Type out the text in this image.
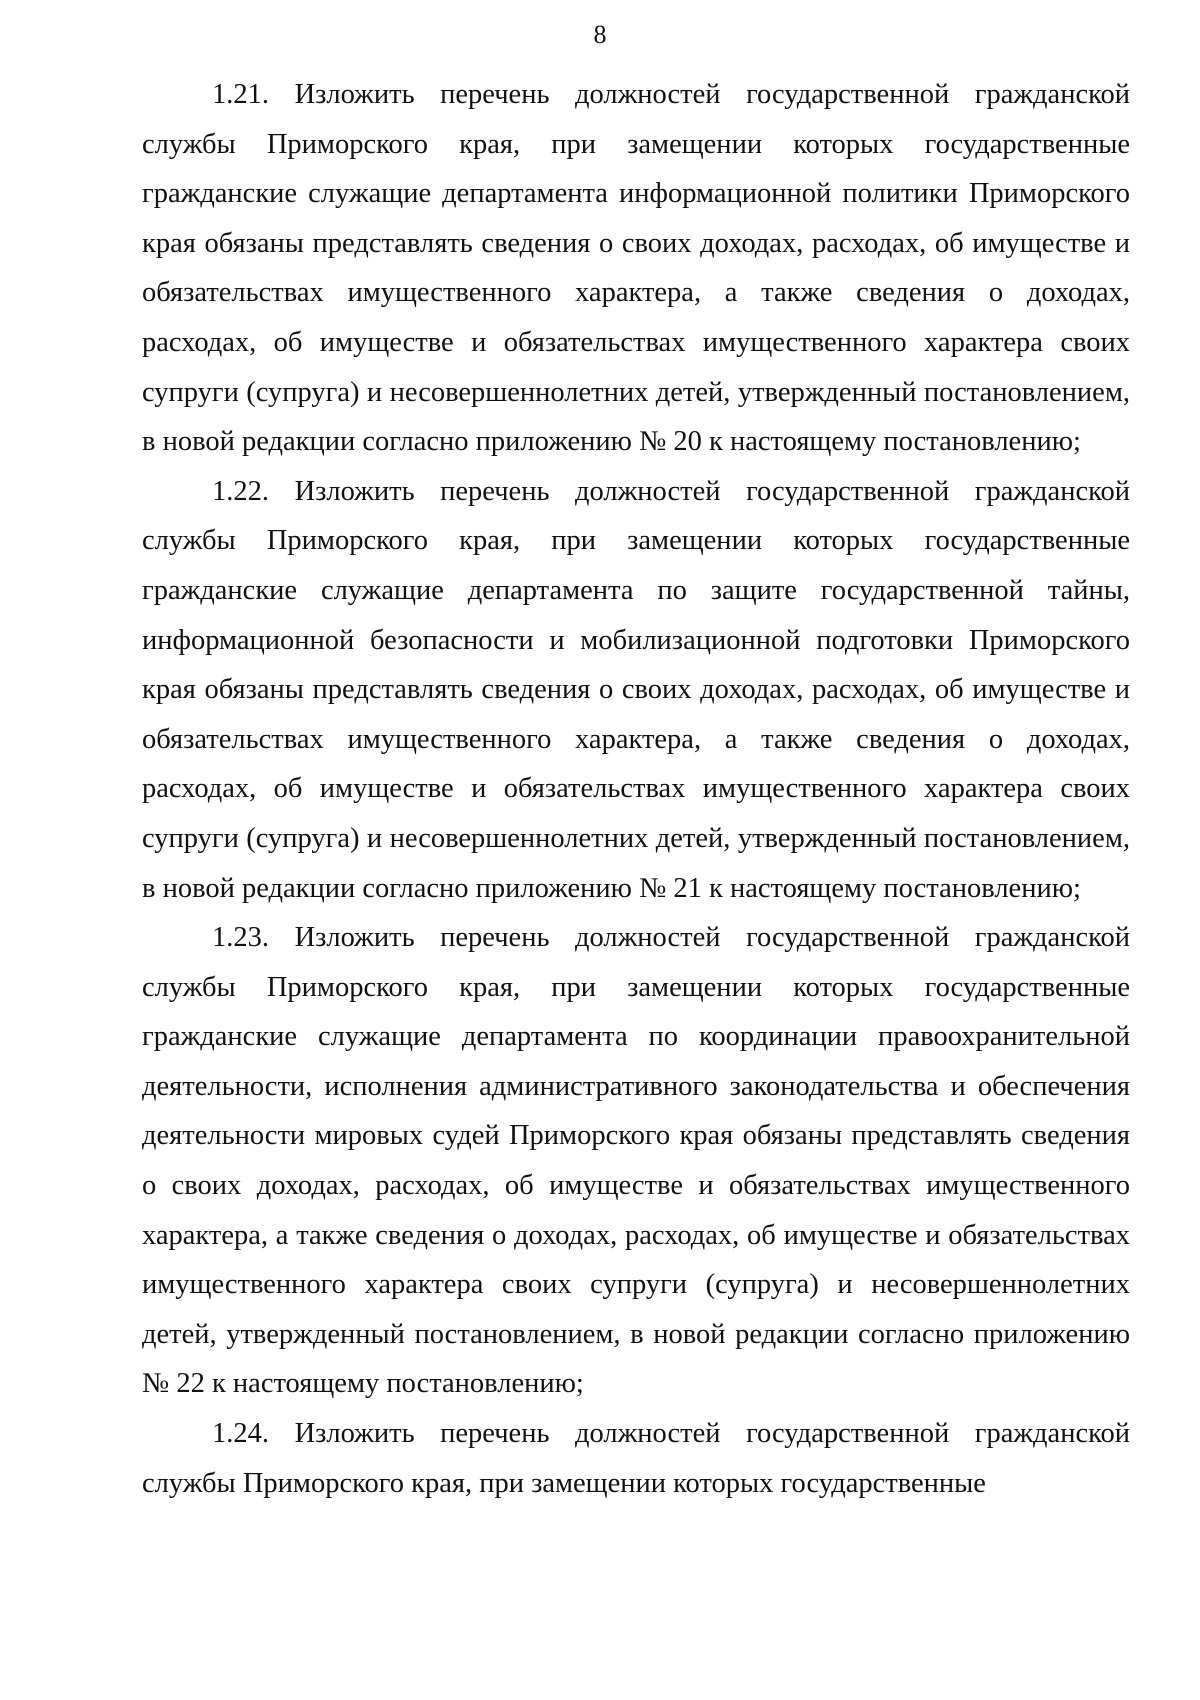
8

1.21. Изложить перечень должностей государственной гражданской службы Приморского края, при замещении которых государственные гражданские служащие департамента информационной политики Приморского края обязаны представлять сведения о своих доходах, расходах, об имуществе и обязательствах имущественного характера, а также сведения о доходах, расходах, об имуществе и обязательствах имущественного характера своих супруги (супруга) и несовершеннолетних детей, утвержденный постановлением, в новой редакции согласно приложению № 20 к настоящему постановлению;

1.22. Изложить перечень должностей государственной гражданской службы Приморского края, при замещении которых государственные гражданские служащие департамента по защите государственной тайны, информационной безопасности и мобилизационной подготовки Приморского края обязаны представлять сведения о своих доходах, расходах, об имуществе и обязательствах имущественного характера, а также сведения о доходах, расходах, об имуществе и обязательствах имущественного характера своих супруги (супруга) и несовершеннолетних детей, утвержденный постановлением, в новой редакции согласно приложению № 21 к настоящему постановлению;

1.23. Изложить перечень должностей государственной гражданской службы Приморского края, при замещении которых государственные гражданские служащие департамента по координации правоохранительной деятельности, исполнения административного законодательства и обеспечения деятельности мировых судей Приморского края обязаны представлять сведения о своих доходах, расходах, об имуществе и обязательствах имущественного характера, а также сведения о доходах, расходах, об имуществе и обязательствах имущественного характера своих супруги (супруга) и несовершеннолетних детей, утвержденный постановлением, в новой редакции согласно приложению № 22 к настоящему постановлению;

1.24. Изложить перечень должностей государственной гражданской службы Приморского края, при замещении которых государственные
